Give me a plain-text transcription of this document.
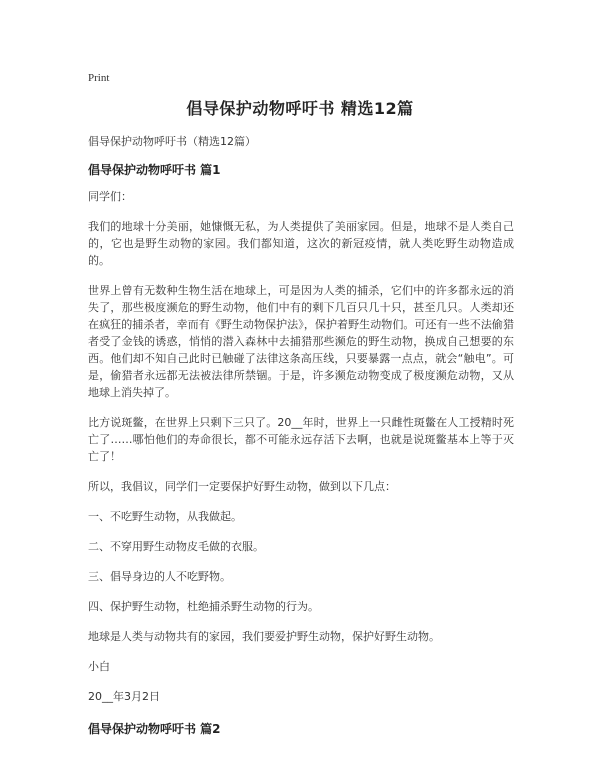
Print
倡导保护动物呼吁书 精选12篇

倡导保护动物呼吁书（精选12篇）

倡导保护动物呼吁书 篇1

同学们：

我们的地球十分美丽，她慷慨无私，为人类提供了美丽家园。但是，地球不是人类自己的，它也是野生动物的家园。我们都知道，这次的新冠疫情，就人类吃野生动物造成的。

世界上曾有无数种生物生活在地球上，可是因为人类的捕杀，它们中的许多都永远的消失了，那些极度濒危的野生动物，他们中有的剩下几百只几十只，甚至几只。人类却还在疯狂的捕杀者，幸而有《野生动物保护法》，保护着野生动物们。可还有一些不法偷猎者受了金钱的诱惑，悄悄的潜入森林中去捕猎那些濒危的野生动物，换成自己想要的东西。他们却不知自己此时已触碰了法律这条高压线，只要暴露一点点，就会“触电”。可是，偷猎者永远都无法被法律所禁锢。于是，许多濒危动物变成了极度濒危动物，又从地球上消失掉了。

比方说斑鳖，在世界上只剩下三只了。20__年时，世界上一只雌性斑鳖在人工授精时死亡了……哪怕他们的寿命很长，都不可能永远存活下去啊，也就是说斑鳖基本上等于灭亡了！

所以，我倡议，同学们一定要保护好野生动物，做到以下几点：

一、不吃野生动物，从我做起。

二、不穿用野生动物皮毛做的衣服。

三、倡导身边的人不吃野物。

四、保护野生动物，杜绝捕杀野生动物的行为。

地球是人类与动物共有的家园，我们要爱护野生动物，保护好野生动物。

小白

20__年3月2日

倡导保护动物呼吁书 篇2
